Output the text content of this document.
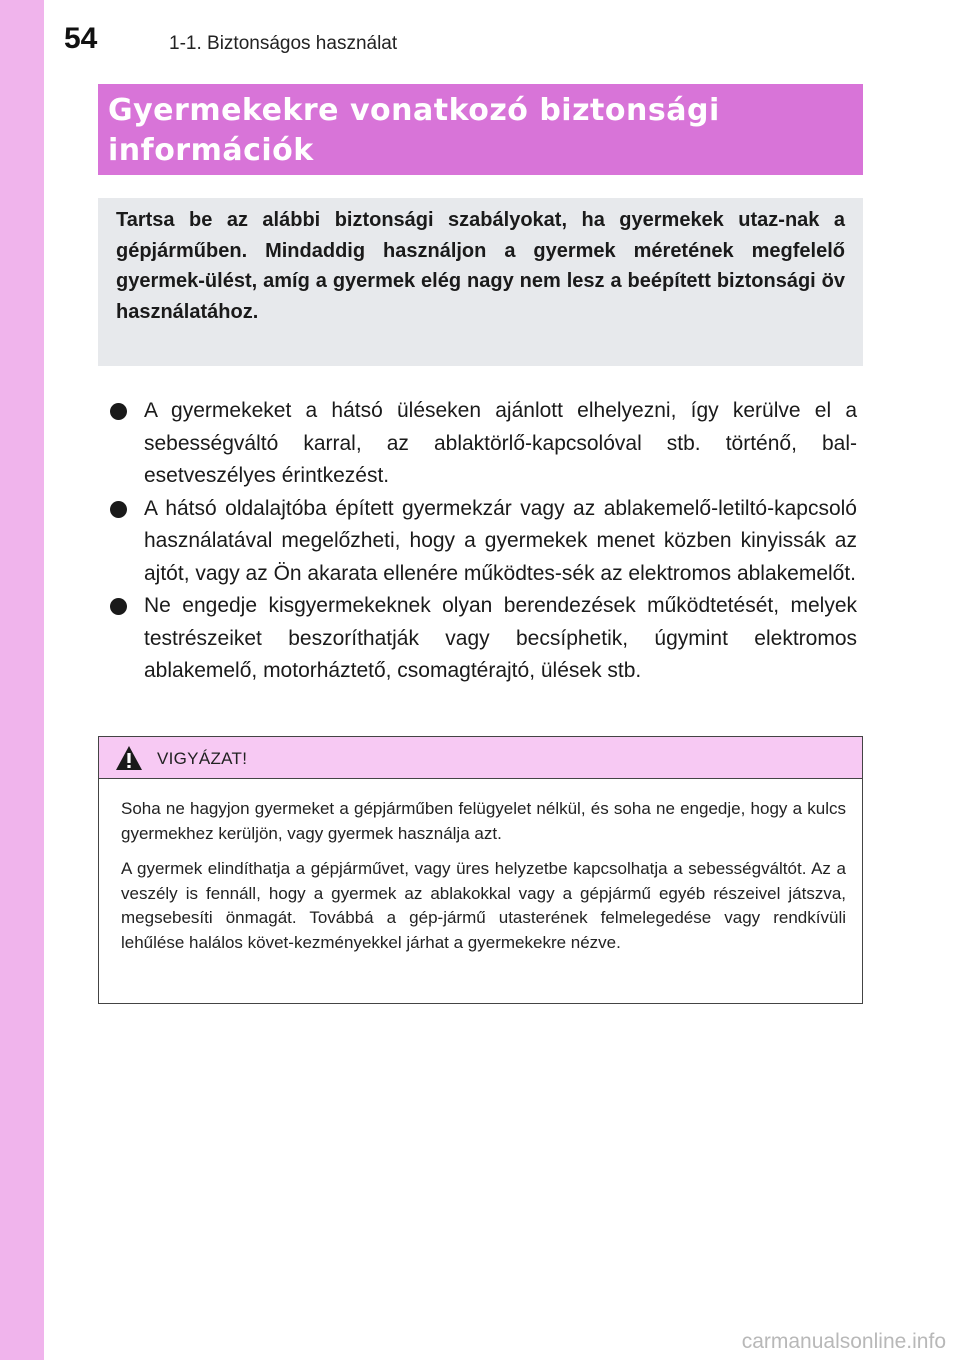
54	1-1. Biztonságos használat
Gyermekekre vonatkozó biztonsági
információk

Tartsa be az alábbi biztonsági szabályokat, ha gyermekek utaz-nak a gépjárműben. Mindaddig használjon a gyermek méretének megfelelő gyermek-ülést, amíg a gyermek elég nagy nem lesz a beépített biztonsági öv használatához.

A gyermekeket a hátsó üléseken ajánlott elhelyezni, így kerülve el a sebességváltó karral, az ablaktörlő-kapcsolóval stb. történő, bal-esetveszélyes érintkezést.
A hátsó oldalajtóba épített gyermekzár vagy az ablakemelő-letiltó-kapcsoló használatával megelőzheti, hogy a gyermekek menet közben kinyissák az ajtót, vagy az Ön akarata ellenére működtes-sék az elektromos ablakemelőt.
Ne engedje kisgyermekeknek olyan berendezések működtetését, melyek testrészeiket beszoríthatják vagy becsíphetik, úgymint elektromos ablakemelő, motorháztető, csomagtérajtó, ülések stb.
VIGYÁZAT!

Soha ne hagyjon gyermeket a gépjárműben felügyelet nélkül, és soha ne engedje, hogy a kulcs gyermekhez kerüljön, vagy gyermek használja azt.

A gyermek elindíthatja a gépjárművet, vagy üres helyzetbe kapcsolhatja a sebességváltót. Az a veszély is fennáll, hogy a gyermek az ablakokkal vagy a gépjármű egyéb részeivel játszva, megsebesíti önmagát. Továbbá a gép-jármű utasterének felmelegedése vagy rendkívüli lehűlése halálos követ-kezményekkel járhat a gyermekekre nézve.

carmanualsonline.info
